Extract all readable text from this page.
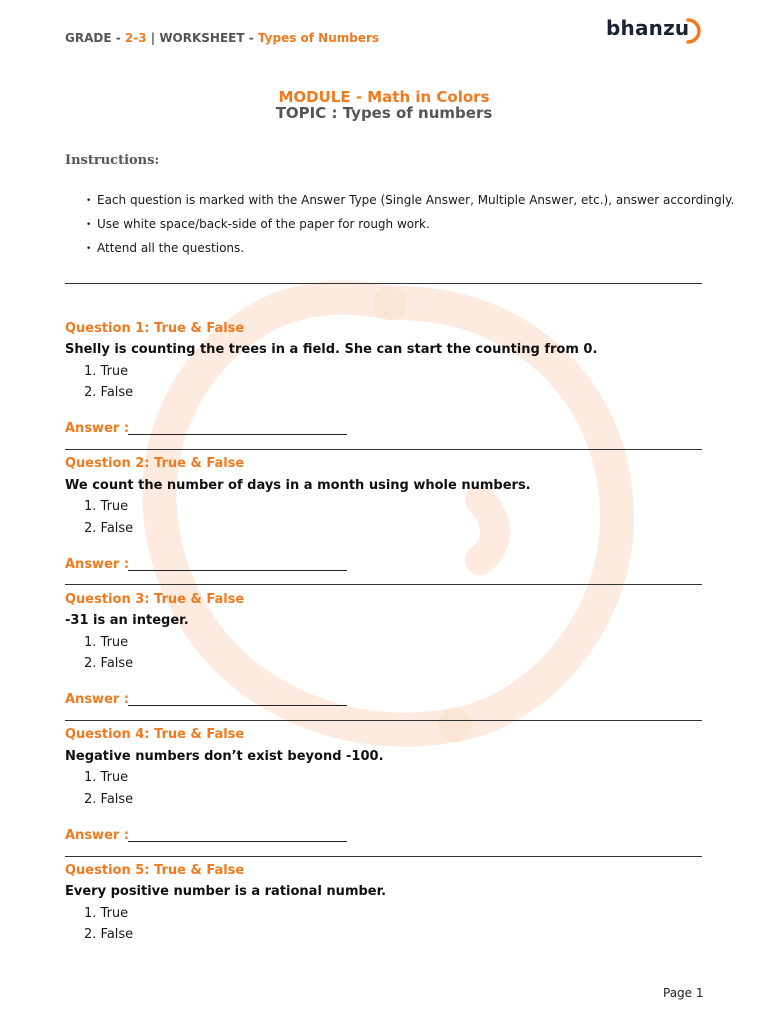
GRADE - 2-3 | WORKSHEET - Types of Numbers	bhanzu
MODULE - Math in Colors
TOPIC : Types of numbers
Instructions:
• Each question is marked with the Answer Type (Single Answer, Multiple Answer, etc.), answer accordingly.
• Use white space/back-side of the paper for rough work.
• Attend all the questions.
Question 1: True & False
Shelly is counting the trees in a field. She can start the counting from 0.
1. True
2. False
Answer :
Question 2: True & False
We count the number of days in a month using whole numbers.
1. True
2. False
Answer :
Question 3: True & False
-31 is an integer.
1. True
2. False
Answer :
Question 4: True & False
Negative numbers don’t exist beyond -100.
1. True
2. False
Answer :
Question 5: True & False
Every positive number is a rational number.
1. True
2. False
Page 1
